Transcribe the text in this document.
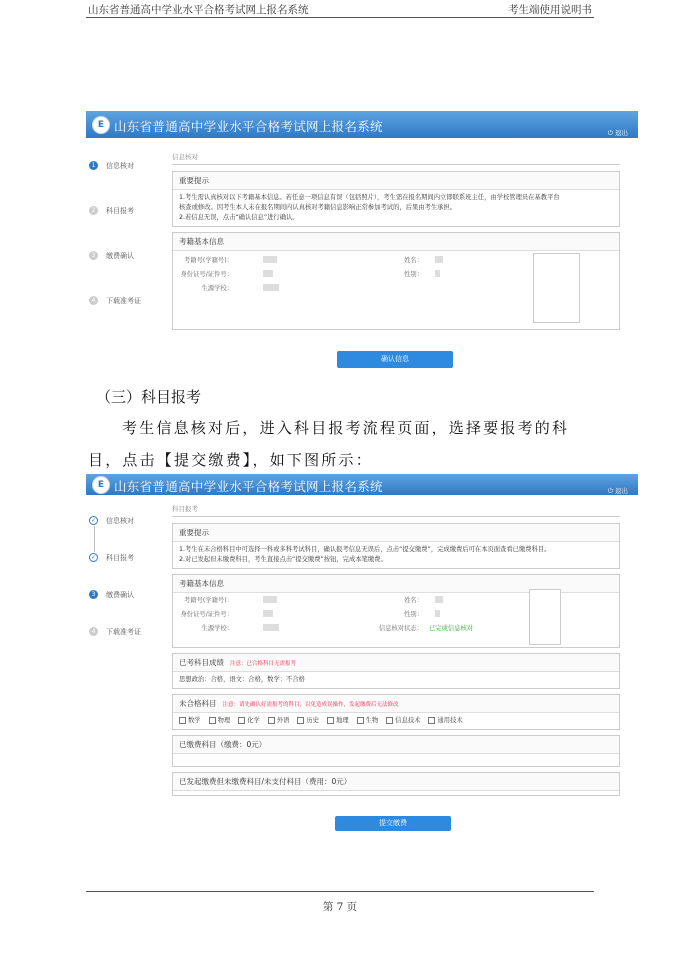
山东省普通高中学业水平合格考试网上报名系统	考生端使用说明书
E 山东省普通高中学业水平合格考试网上报名系统	⏻ 退出
1	信息核对
2	科目报考
3	缴费确认
4	下载准考证
信息核对
重要提示
1.考生需认真核对以下考籍基本信息。若任意一项信息有误（包括照片），考生需在报名期间内立即联系班主任，由学校管理员在基教平台
核查或修改。因考生本人未在报名期间内认真核对考籍信息影响正常参加考试的，后果由考生承担。
2.若信息无误，点击“确认信息”进行确认。
考籍基本信息
考籍号(学籍号)：	姓名：
身份证号/证件号：	性别：
生源学校：
确认信息
（三）科目报考
考生信息核对后，进入科目报考流程页面，选择要报考的科
目，点击【提交缴费】，如下图所示：
E 山东省普通高中学业水平合格考试网上报名系统	⏻ 退出
✓ 信息核对
✓ 科目报考
3	缴费确认
4	下载准考证
科目报考
重要提示
1.考生在未合格科目中可选择一科或多科考试科目，确认报考信息无误后，点击“提交缴费”，完成缴费后可在本页面查看已缴费科目。
2.对已发起但未缴费科目，考生直接点击“提交缴费”按钮，完成本笔缴费。
考籍基本信息
考籍号(学籍号)：	姓名：
身份证号/证件号：	性别：
生源学校：	信息核对状态： 已完成信息核对
已考科目成绩 注意：已合格科目无需报考
思想政治：合格，语文：合格，数学：不合格
未合格科目 注意：请先确认好需报考的科目，以免造成误操作，发起缴费后无法修改
数学	物理	化学	外语	历史	地理	生物	信息技术	通用技术
已缴费科目（缴费：0元）
已发起缴费但未缴费科目/未支付科目（费用：0元）
提交缴费
第 7 页
